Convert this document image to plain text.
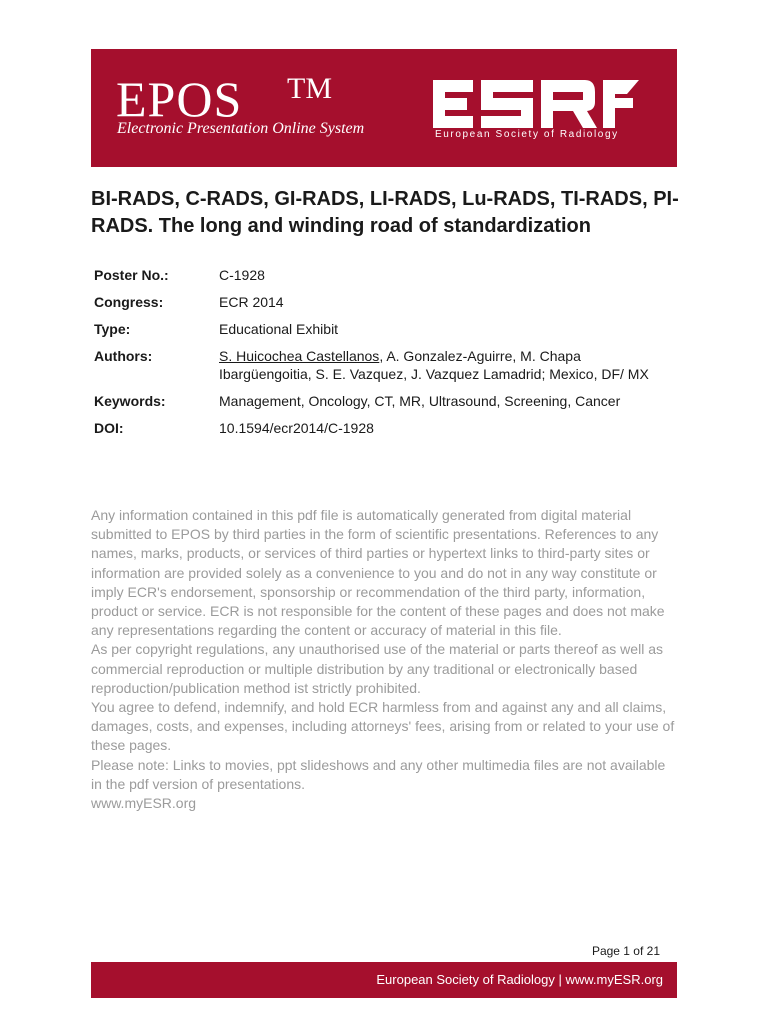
EPOS TM
Electronic Presentation Online System	European Society of Radiology
BI-RADS, C-RADS, GI-RADS, LI-RADS, Lu-RADS, TI-RADS, PI-RADS. The long and winding road of standardization
Poster No.:	C-1928
Congress:	ECR 2014
Type:	Educational Exhibit
Authors:	S. Huicochea Castellanos, A. Gonzalez-Aguirre, M. Chapa Ibargüengoitia, S. E. Vazquez, J. Vazquez Lamadrid; Mexico, DF/ MX
Keywords:	Management, Oncology, CT, MR, Ultrasound, Screening, Cancer
DOI:	10.1594/ecr2014/C-1928

Any information contained in this pdf file is automatically generated from digital material submitted to EPOS by third parties in the form of scientific presentations. References to any names, marks, products, or services of third parties or hypertext links to third-party sites or information are provided solely as a convenience to you and do not in any way constitute or imply ECR's endorsement, sponsorship or recommendation of the third party, information, product or service. ECR is not responsible for the content of these pages and does not make any representations regarding the content or accuracy of material in this file.

As per copyright regulations, any unauthorised use of the material or parts thereof as well as commercial reproduction or multiple distribution by any traditional or electronically based reproduction/publication method ist strictly prohibited.

You agree to defend, indemnify, and hold ECR harmless from and against any and all claims, damages, costs, and expenses, including attorneys' fees, arising from or related to your use of these pages.

Please note: Links to movies, ppt slideshows and any other multimedia files are not available in the pdf version of presentations.

www.myESR.org

Page 1 of 21
European Society of Radiology | www.myESR.org
